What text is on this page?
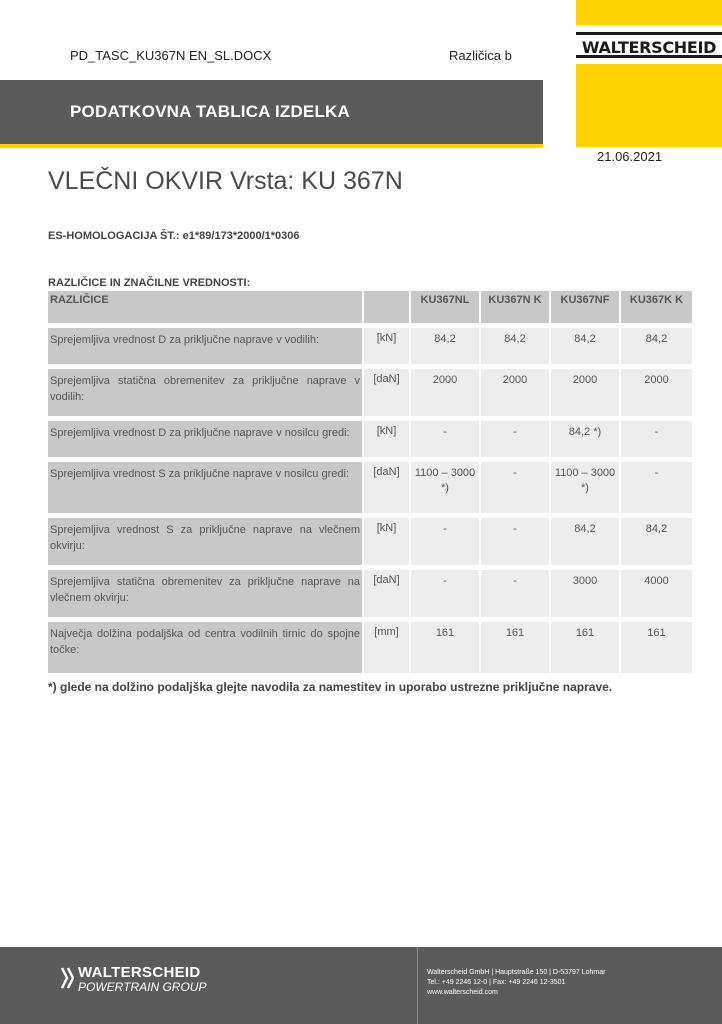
WALTERSCHEID
PD_TASC_KU367N EN_SL.DOCX	Različica b
PODATKOVNA TABLICA IZDELKA
21.06.2021
VLEČNI OKVIR Vrsta: KU 367N
ES-HOMOLOGACIJA ŠT.: e1*89/173*2000/1*0306
RAZLIČICE IN ZNAČILNE VREDNOSTI:
RAZLIČICE		KU367NL	KU367N K	KU367NF	KU367K K

Sprejemljiva vrednost D za priključne naprave v vodilih:	[kN]	84,2	84,2	84,2	84,2

Sprejemljiva statična obremenitev za priključne naprave v vodilih:	[daN]	2000	2000	2000	2000

Sprejemljiva vrednost D za priključne naprave v nosilcu gredi:	[kN]	-	-	84,2 *)	-

Sprejemljiva vrednost S za priključne naprave v nosilcu gredi:	[daN]	1100 – 3000 *)	-	1100 – 3000 *)	-

Sprejemljiva vrednost S za priključne naprave na vlečnem okvirju:	[kN]	-	-	84,2	84,2

Sprejemljiva statična obremenitev za priključne naprave na vlečnem okvirju:	[daN]	-	-	3000	4000

Največja dolžina podaljška od centra vodilnih tirnic do spojne točke:	[mm]	161	161	161	161
*) glede na dolžino podaljška glejte navodila za namestitev in uporabo ustrezne priključne naprave.
WALTERSCHEID
POWERTRAIN GROUP
Walterscheid GmbH | Hauptstraße 150 | D-53797 Lohmar
Tel.: +49 2246 12-0 | Fax: +49 2246 12-3501
www.walterscheid.com
